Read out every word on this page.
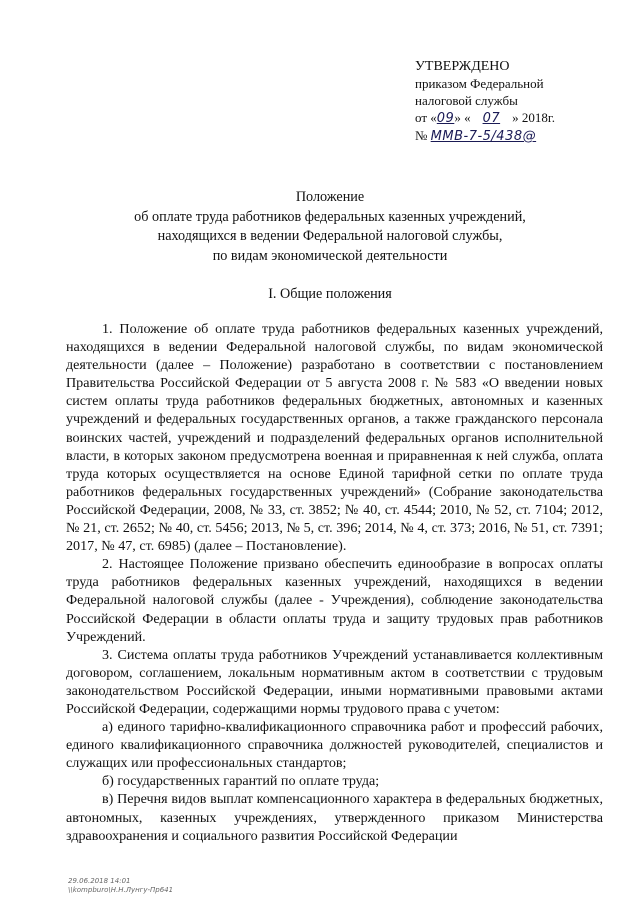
УТВЕРЖДЕНО
приказом Федеральной
налоговой службы
от «09» « 07 » 2018г.
№ ММВ-7-5/438@
Положение
об оплате труда работников федеральных казенных учреждений,
находящихся в ведении Федеральной налоговой службы,
по видам экономической деятельности
I. Общие положения

1. Положение об оплате труда работников федеральных казенных учреждений, находящихся в ведении Федеральной налоговой службы, по видам экономической деятельности (далее – Положение) разработано в соответствии с постановлением Правительства Российской Федерации от 5 августа 2008 г. № 583 «О введении новых систем оплаты труда работников федеральных бюджетных, автономных и казенных учреждений и федеральных государственных органов, а также гражданского персонала воинских частей, учреждений и подразделений федеральных органов исполнительной власти, в которых законом предусмотрена военная и приравненная к ней служба, оплата труда которых осуществляется на основе Единой тарифной сетки по оплате труда работников федеральных государственных учреждений» (Собрание законодательства Российской Федерации, 2008, № 33, ст. 3852; № 40, ст. 4544; 2010, № 52, ст. 7104; 2012, № 21, ст. 2652; № 40, ст. 5456; 2013, № 5, ст. 396; 2014, № 4, ст. 373; 2016, № 51, ст. 7391; 2017, № 47, ст. 6985) (далее – Постановление).

2. Настоящее Положение призвано обеспечить единообразие в вопросах оплаты труда работников федеральных казенных учреждений, находящихся в ведении Федеральной налоговой службы (далее - Учреждения), соблюдение законодательства Российской Федерации в области оплаты труда и защиту трудовых прав работников Учреждений.

3. Система оплаты труда работников Учреждений устанавливается коллективным договором, соглашением, локальным нормативным актом в соответствии с трудовым законодательством Российской Федерации, иными нормативными правовыми актами Российской Федерации, содержащими нормы трудового права с учетом:

а) единого тарифно-квалификационного справочника работ и профессий рабочих, единого квалификационного справочника должностей руководителей, специалистов и служащих или профессиональных стандартов;

б) государственных гарантий по оплате труда;

в) Перечня видов выплат компенсационного характера в федеральных бюджетных, автономных, казенных учреждениях, утвержденного приказом Министерства здравоохранения и социального развития Российской Федерации

29.06.2018 14:01
\\kompburo\Н.Н.Лунгу-Пр641
